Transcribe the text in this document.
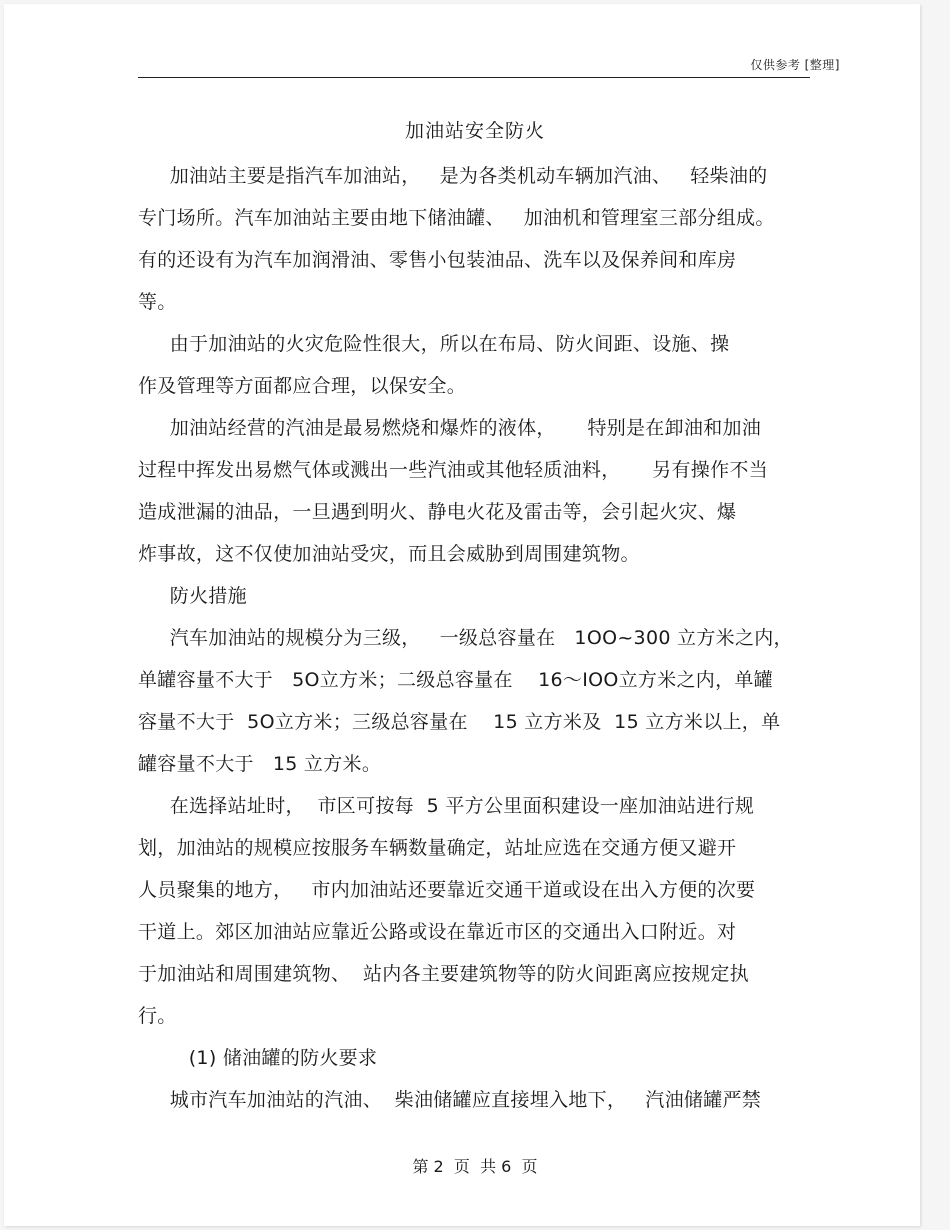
仅供参考 [整理]
加油站安全防火
加油站主要是指汽车加油站，   是为各类机动车辆加汽油、   轻柴油的
专门场所。汽车加油站主要由地下储油罐、   加油机和管理室三部分组成。
有的还设有为汽车加润滑油、零售小包装油品、洗车以及保养间和库房
等。
由于加油站的火灾危险性很大，所以在布局、防火间距、设施、操
作及管理等方面都应合理，以保安全。
加油站经营的汽油是最易燃烧和爆炸的液体，     特别是在卸油和加油
过程中挥发出易燃气体或溅出一些汽油或其他轻质油料，     另有操作不当
造成泄漏的油品，一旦遇到明火、静电火花及雷击等，会引起火灾、爆
炸事故，这不仅使加油站受灾，而且会威胁到周围建筑物。
防火措施
汽车加油站的规模分为三级，   一级总容量在   1OO~300 立方米之内，
单罐容量不大于   5O立方米；二级总容量在    16～IOO立方米之内，单罐
容量不大于  5O立方米；三级总容量在    15 立方米及  15 立方米以上，单
罐容量不大于   15 立方米。
在选择站址时，  市区可按每  5 平方公里面积建设一座加油站进行规
划，加油站的规模应按服务车辆数量确定，站址应选在交通方便又避开
人员聚集的地方，   市内加油站还要靠近交通干道或设在出入方便的次要
干道上。郊区加油站应靠近公路或设在靠近市区的交通出入口附近。对
于加油站和周围建筑物、  站内各主要建筑物等的防火间距离应按规定执
行。
(1) 储油罐的防火要求
城市汽车加油站的汽油、  柴油储罐应直接埋入地下，   汽油储罐严禁
第 2  页  共 6  页
